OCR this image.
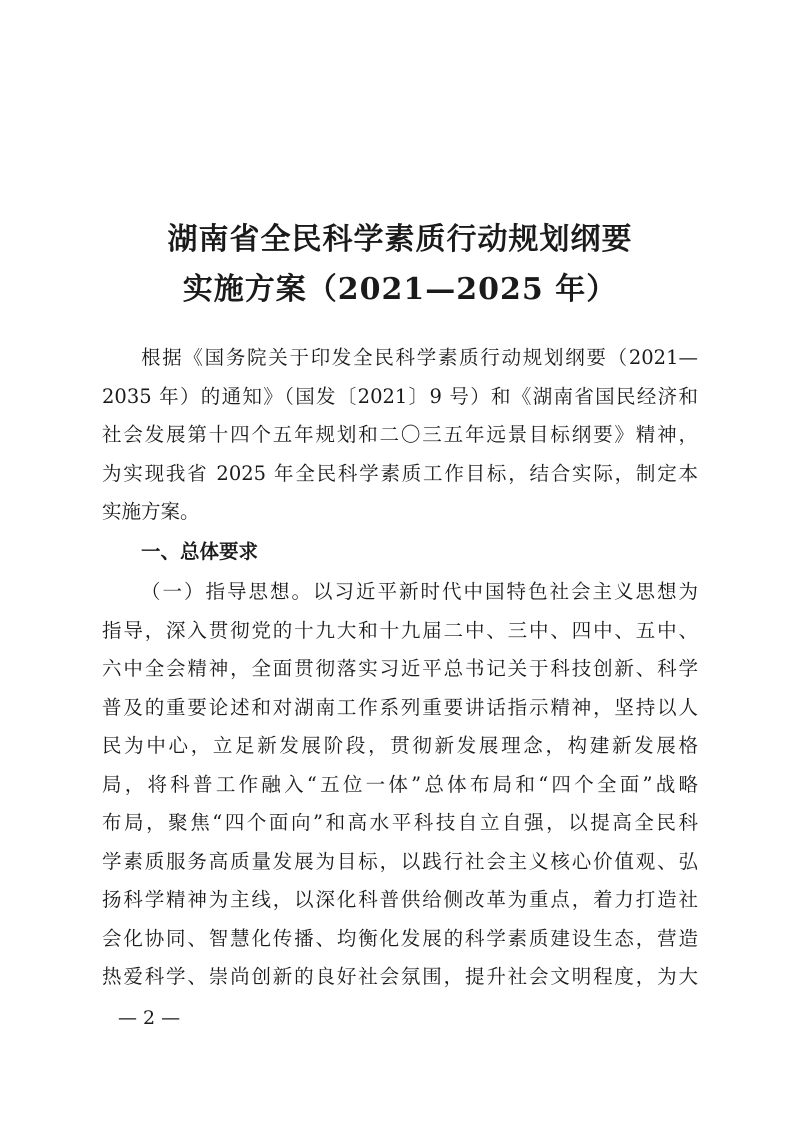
湖南省全民科学素质行动规划纲要
实施方案（2021—2025 年）
根据《国务院关于印发全民科学素质行动规划纲要（2021—
2035 年）的通知》（国发〔2021〕9 号）和《湖南省国民经济和
社会发展第十四个五年规划和二〇三五年远景目标纲要》精神，
为实现我省 2025 年全民科学素质工作目标，结合实际，制定本
实施方案。
一、总体要求
（一）指导思想。以习近平新时代中国特色社会主义思想为
指导，深入贯彻党的十九大和十九届二中、三中、四中、五中、
六中全会精神，全面贯彻落实习近平总书记关于科技创新、科学
普及的重要论述和对湖南工作系列重要讲话指示精神，坚持以人
民为中心，立足新发展阶段，贯彻新发展理念，构建新发展格
局，将科普工作融入“五位一体”总体布局和“四个全面”战略
布局，聚焦“四个面向”和高水平科技自立自强，以提高全民科
学素质服务高质量发展为目标，以践行社会主义核心价值观、弘
扬科学精神为主线，以深化科普供给侧改革为重点，着力打造社
会化协同、智慧化传播、均衡化发展的科学素质建设生态，营造
热爱科学、崇尚创新的良好社会氛围，提升社会文明程度，为大
— 2 —
